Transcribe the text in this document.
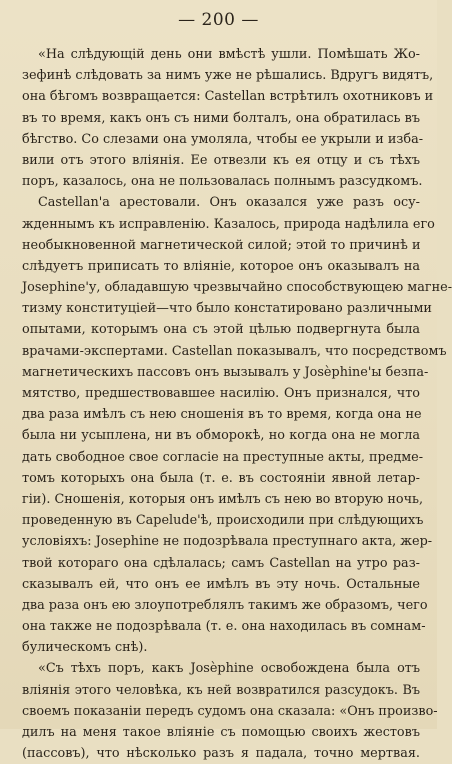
— 200 —
«На слѣдующій день они вмѣстѣ ушли. Помѣшать Жо-
зефинѣ слѣдовать за нимъ уже не рѣшались. Вдругъ видятъ,
она бѣгомъ возвращается: Castellan встрѣтилъ охотниковъ и
въ то время, какъ онъ съ ними болталъ, она обратилась въ
бѣгство. Со слезами она умоляла, чтобы ее укрыли и изба-
вили отъ этого вліянія. Ее отвезли къ ея отцу и съ тѣхъ
поръ, казалось, она не пользовалась полнымъ разсудкомъ.
Castellan'a арестовали. Онъ оказался уже разъ осу-
жденнымъ къ исправленію. Казалось, природа надѣлила его
необыкновенной магнетической силой; этой то причинѣ и
слѣдуетъ приписать то вліяніе, которое онъ оказывалъ на
Josephine'у, обладавшую чрезвычайно способствующею магне-
тизму конституціей—что было констатировано различными
опытами, которымъ она съ этой цѣлью подвергнута была
врачами-экспертами. Castellan показывалъ, что посредствомъ
магнетическихъ пассовъ онъ вызывалъ у Josèphine'ы безпа-
мятство, предшествовавшее насилію. Онъ признался, что
два раза имѣлъ съ нею сношенія въ то время, когда она не
была ни усыплена, ни въ обморокѣ, но когда она не могла
дать свободное свое согласіе на преступные акты, предме-
томъ которыхъ она была (т. е. въ состояніи явной летар-
гіи). Сношенія, которыя онъ имѣлъ съ нею во вторую ночь,
проведенную въ Capelude'ѣ, происходили при слѣдующихъ
условіяхъ: Josephine не подозрѣвала преступнаго акта, жер-
твой котораго она сдѣлалась; самъ Castellan на утро раз-
сказывалъ ей, что онъ ее имѣлъ въ эту ночь. Остальные
два раза онъ ею злоупотреблялъ такимъ же образомъ, чего
она также не подозрѣвала (т. е. она находилась въ сомнам-
булическомъ снѣ).
«Съ тѣхъ поръ, какъ Josèphine освобождена была отъ
вліянія этого человѣка, къ ней возвратился разсудокъ. Въ
своемъ показаніи передъ судомъ она сказала: «Онъ произво-
дилъ на меня такое вліяніе съ помощью своихъ жестовъ
(пассовъ), что нѣсколько разъ я падала, точно мертвая.
